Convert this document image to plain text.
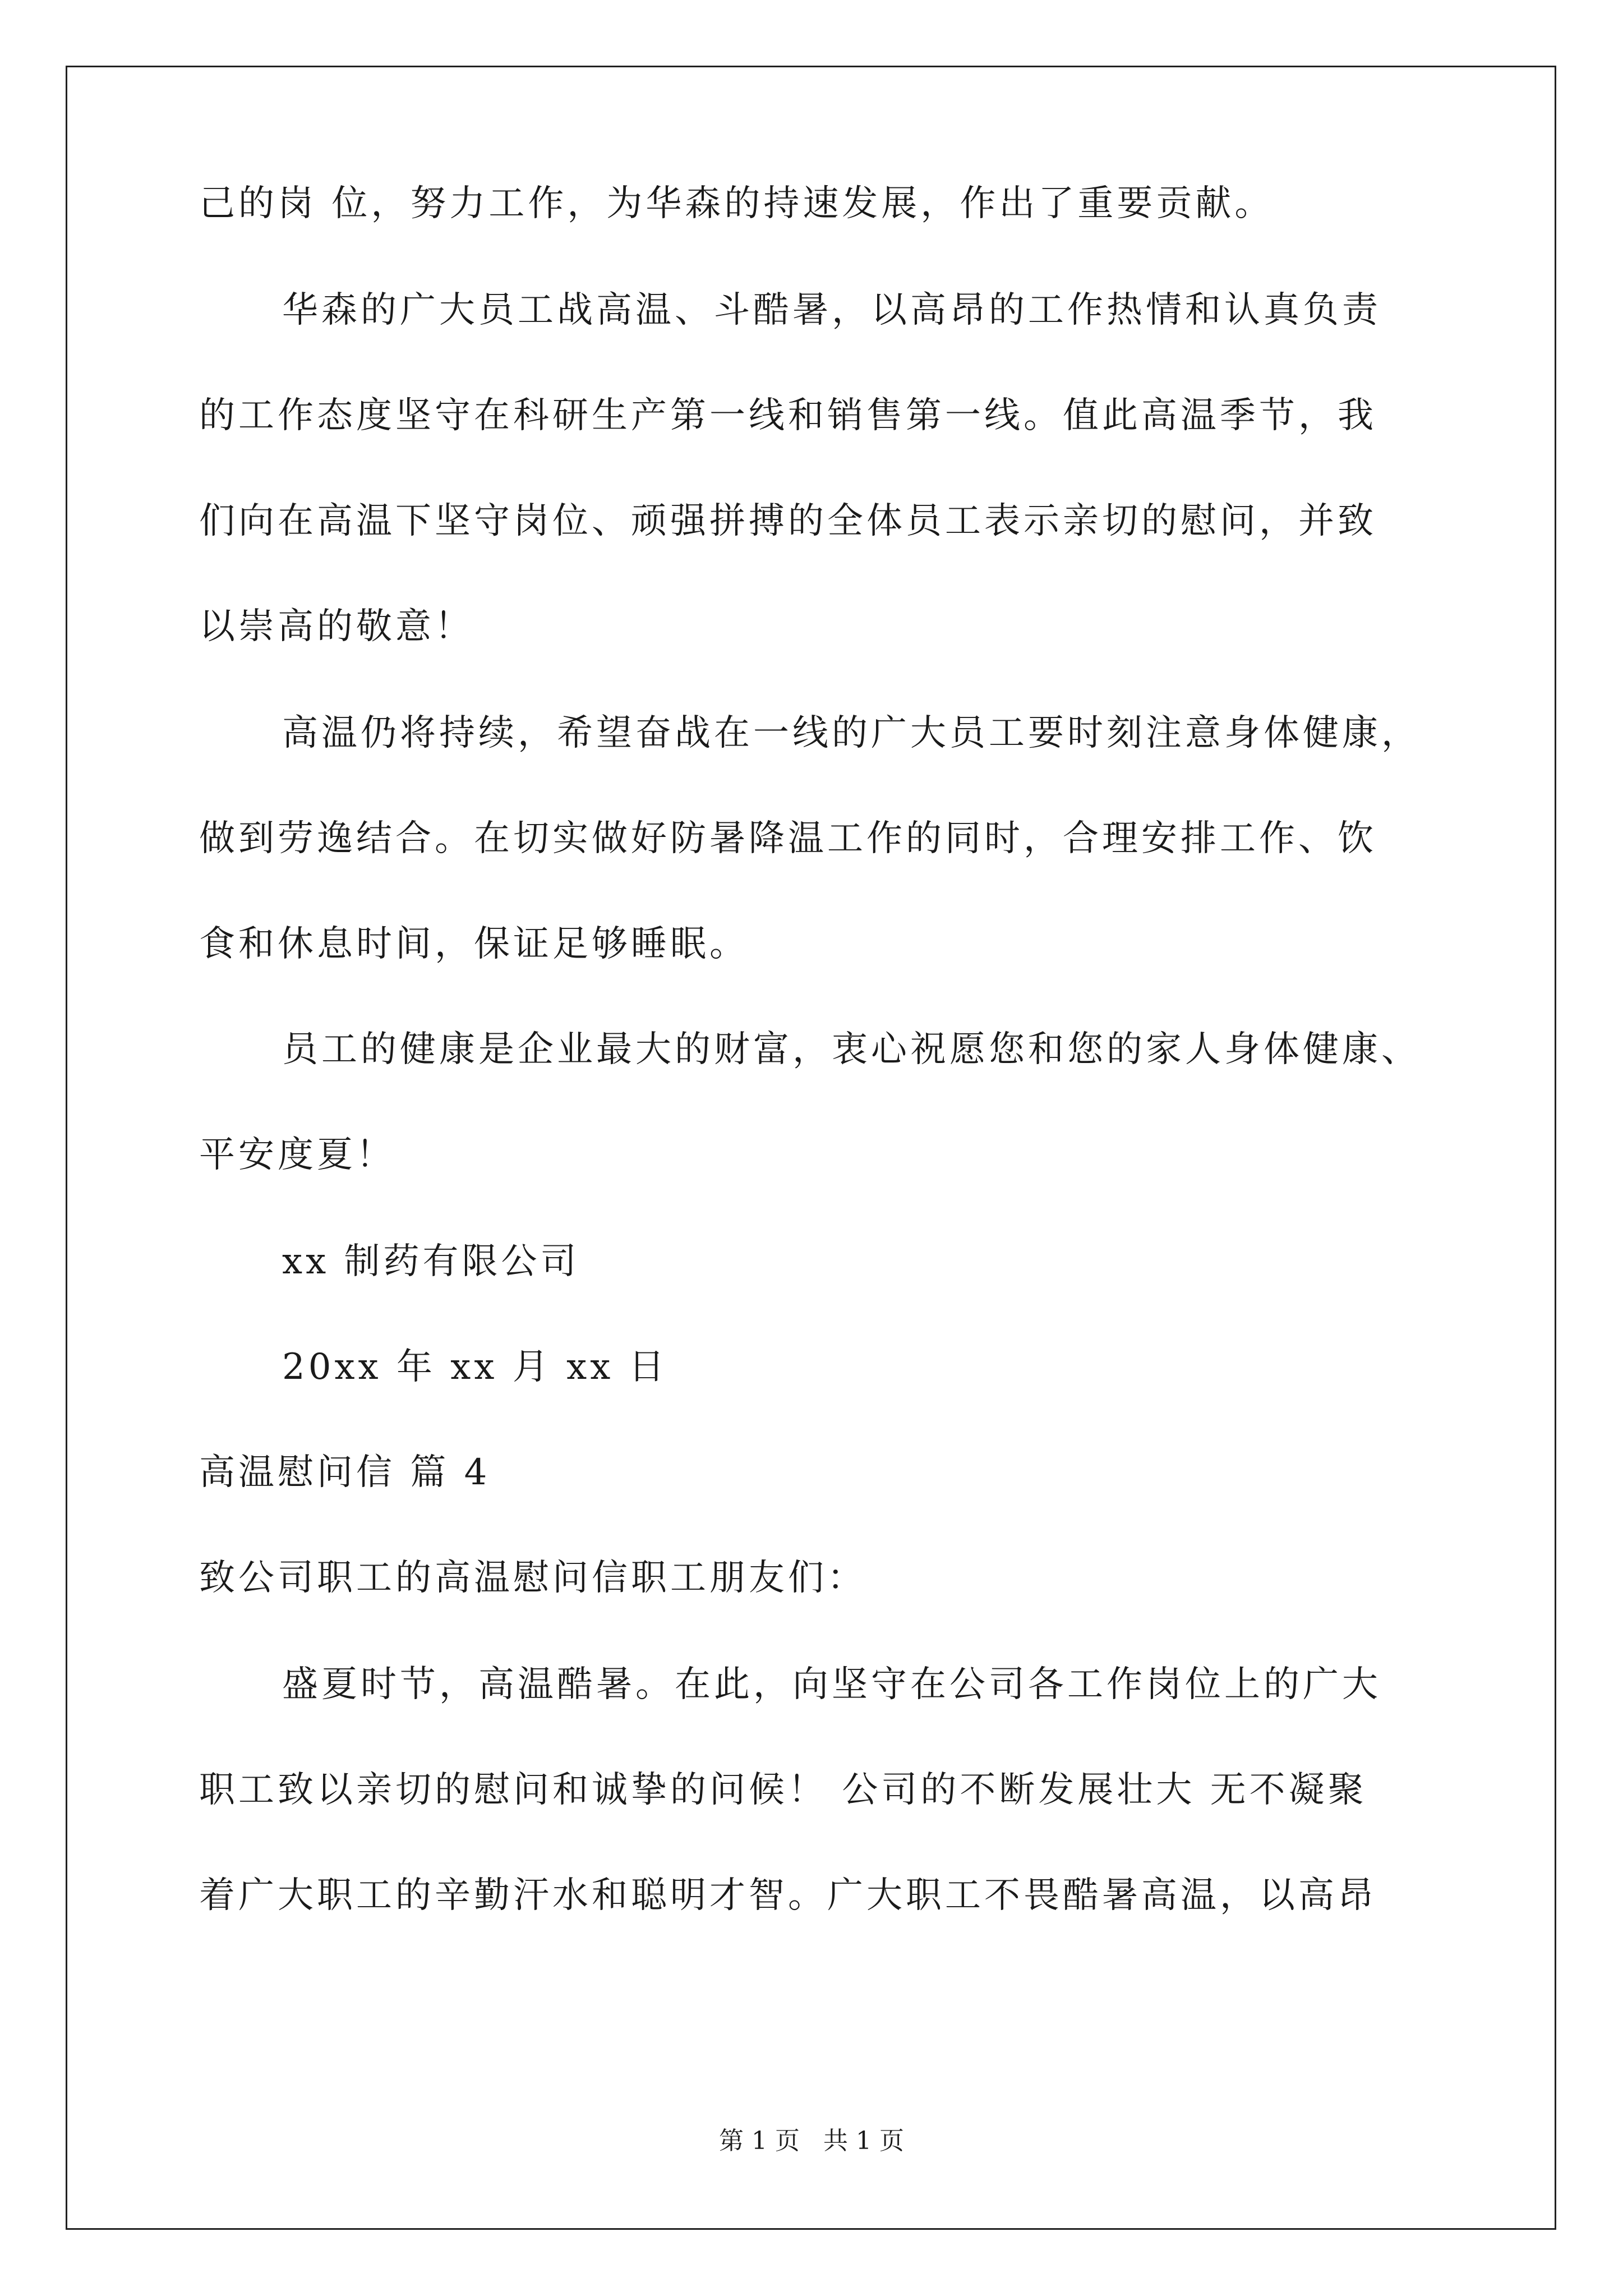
己的岗 位，努力工作，为华森的持速发展，作出了重要贡献。
华森的广大员工战高温、斗酷暑，以高昂的工作热情和认真负责
的工作态度坚守在科研生产第一线和销售第一线。值此高温季节，我
们向在高温下坚守岗位、顽强拼搏的全体员工表示亲切的慰问，并致
以崇高的敬意！
高温仍将持续，希望奋战在一线的广大员工要时刻注意身体健康，
做到劳逸结合。在切实做好防暑降温工作的同时，合理安排工作、饮
食和休息时间，保证足够睡眠。
员工的健康是企业最大的财富，衷心祝愿您和您的家人身体健康、
平安度夏！
xx 制药有限公司
20xx 年 xx 月 xx 日
高温慰问信 篇 4
致公司职工的高温慰问信职工朋友们：
盛夏时节，高温酷暑。在此，向坚守在公司各工作岗位上的广大
职工致以亲切的慰问和诚挚的问候！ 公司的不断发展壮大 无不凝聚
着广大职工的辛勤汗水和聪明才智。广大职工不畏酷暑高温，以高昂
第 1 页 共 1 页
